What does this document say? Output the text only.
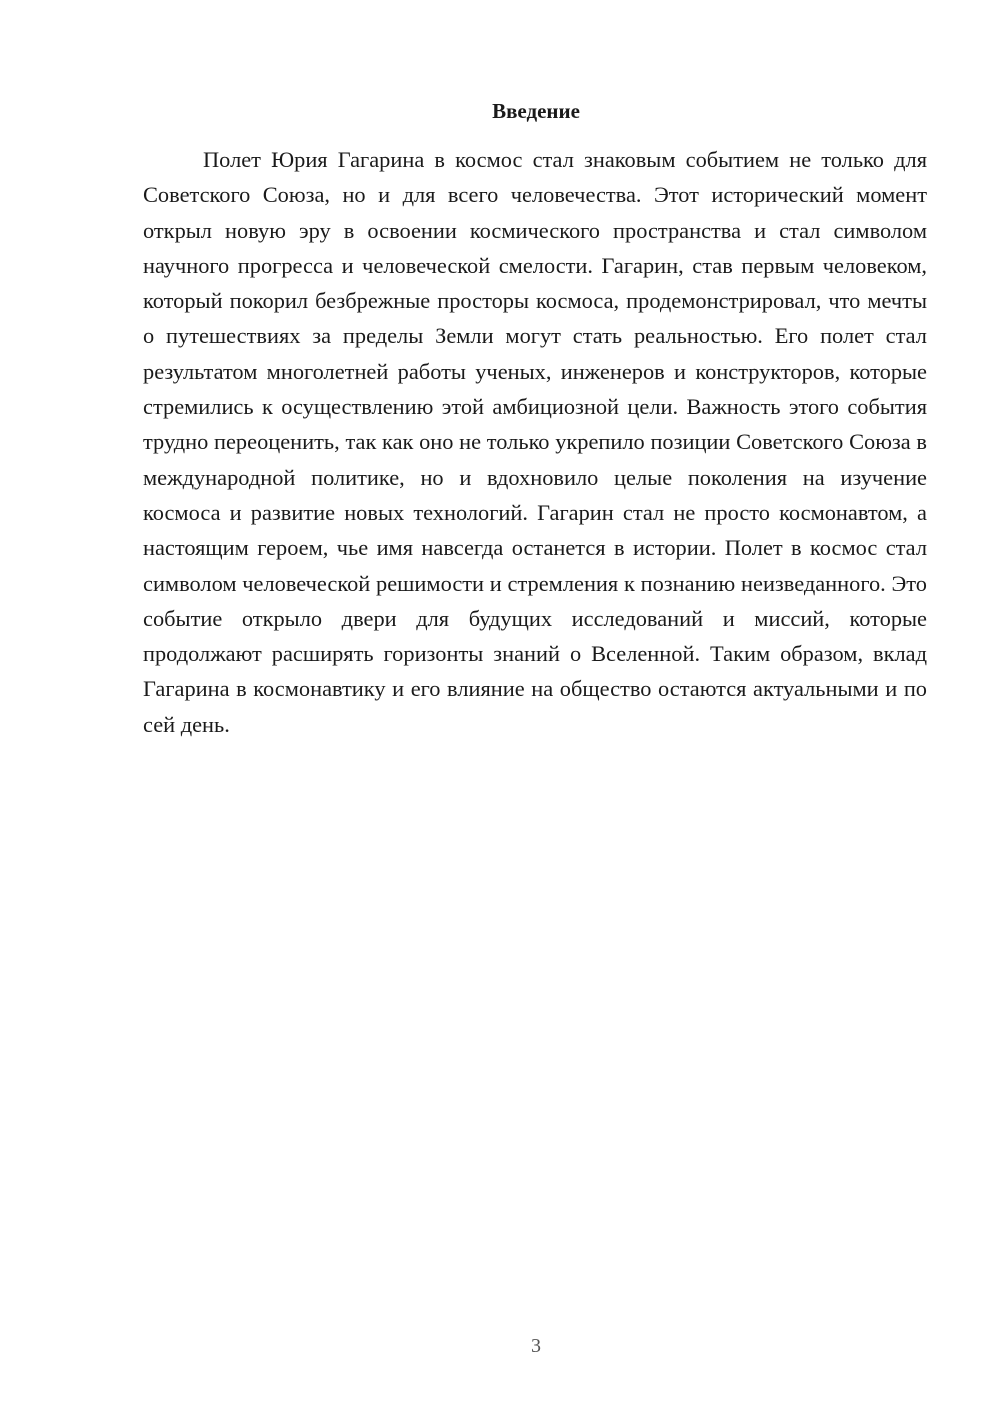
Введение

Полет Юрия Гагарина в космос стал знаковым событием не только для Советского Союза, но и для всего человечества. Этот исторический момент открыл новую эру в освоении космического пространства и стал символом научного прогресса и человеческой смелости. Гагарин, став первым человеком, который покорил безбрежные просторы космоса, продемонстрировал, что мечты о путешествиях за пределы Земли могут стать реальностью. Его полет стал результатом многолетней работы ученых, инженеров и конструкторов, которые стремились к осуществлению этой амбициозной цели. Важность этого события трудно переоценить, так как оно не только укрепило позиции Советского Союза в международной политике, но и вдохновило целые поколения на изучение космоса и развитие новых технологий. Гагарин стал не просто космонавтом, а настоящим героем, чье имя навсегда останется в истории. Полет в космос стал символом человеческой решимости и стремления к познанию неизведанного. Это событие открыло двери для будущих исследований и миссий, которые продолжают расширять горизонты знаний о Вселенной. Таким образом, вклад Гагарина в космонавтику и его влияние на общество остаются актуальными и по сей день.

3
